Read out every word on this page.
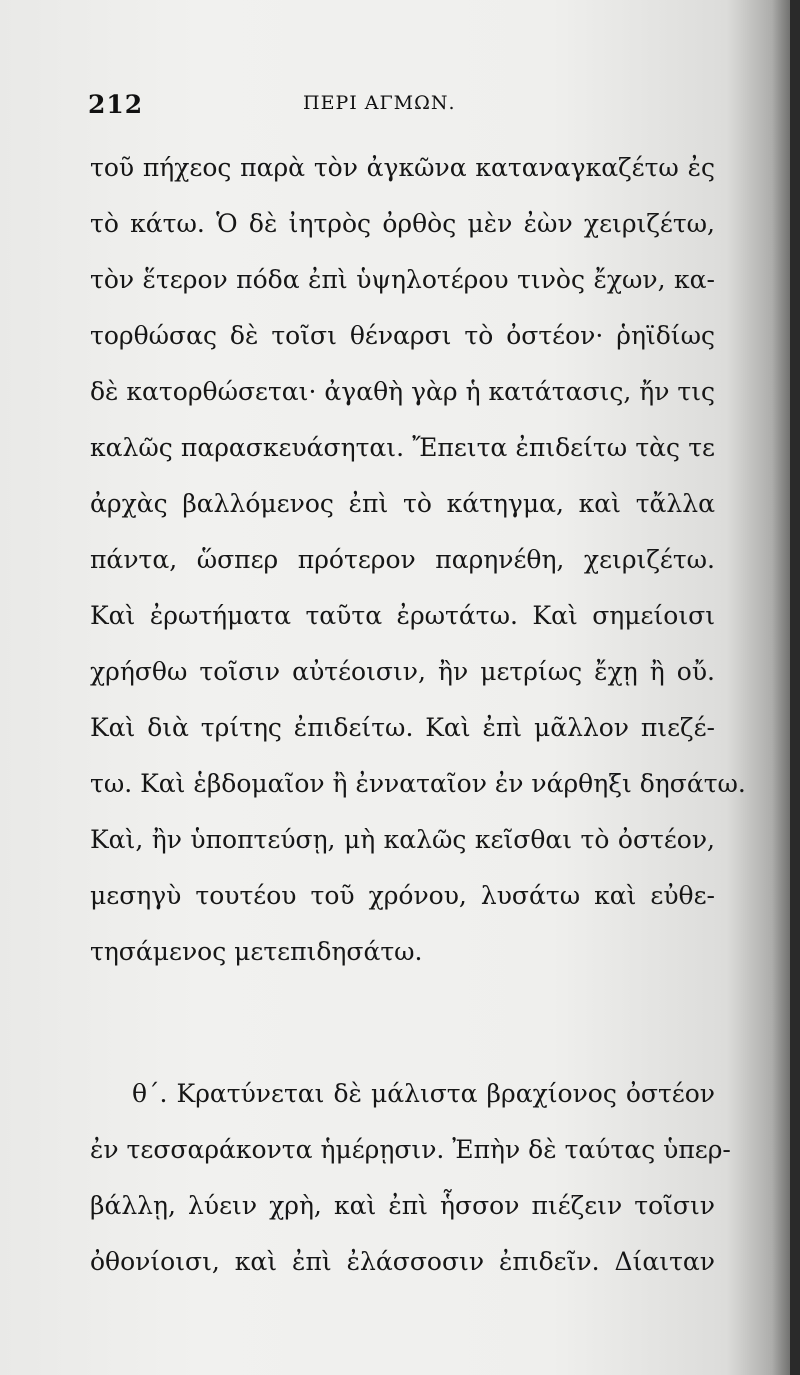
212	ΠΕΡΙ ΑΓΜΩΝ.
τοῦ πήχεος παρὰ τὸν ἀγκῶνα καταναγκαζέτω ἐς
τὸ κάτω. Ὁ δὲ ἰητρὸς ὀρθὸς μὲν ἐὼν χειριζέτω,
τὸν ἕτερον πόδα ἐπὶ ὑψηλοτέρου τινὸς ἔχων, κα-
τορθώσας δὲ τοῖσι θέναρσι τὸ ὀστέον· ῥηϊδίως
δὲ κατορθώσεται· ἀγαθὴ γὰρ ἡ κατάτασις, ἤν τις
καλῶς παρασκευάσηται. Ἔπειτα ἐπιδείτω τὰς τε
ἀρχὰς βαλλόμενος ἐπὶ τὸ κάτηγμα, καὶ τἄλλα
πάντα, ὥσπερ πρότερον παρηνέθη, χειριζέτω.
Καὶ ἐρωτήματα ταῦτα ἐρωτάτω. Καὶ σημείοισι
χρήσθω τοῖσιν αὐτέοισιν, ἢν μετρίως ἔχῃ ἢ οὔ.
Καὶ διὰ τρίτης ἐπιδείτω. Καὶ ἐπὶ μᾶλλον πιεζέ-
τω. Καὶ ἑβδομαῖον ἢ ἐνναταῖον ἐν νάρθηξι δησάτω.
Καὶ, ἢν ὑποπτεύσῃ, μὴ καλῶς κεῖσθαι τὸ ὀστέον,
μεσηγὺ τουτέου τοῦ χρόνου, λυσάτω καὶ εὐθε-
τησάμενος μετεπιδησάτω.
θ΄. Κρατύνεται δὲ μάλιστα βραχίονος ὀστέον
ἐν τεσσαράκοντα ἡμέρῃσιν. Ἐπὴν δὲ ταύτας ὑπερ-
βάλλῃ, λύειν χρὴ, καὶ ἐπὶ ἧσσον πιέζειν τοῖσιν
ὀθονίοισι, καὶ ἐπὶ ἐλάσσοσιν ἐπιδεῖν. Δίαιταν
